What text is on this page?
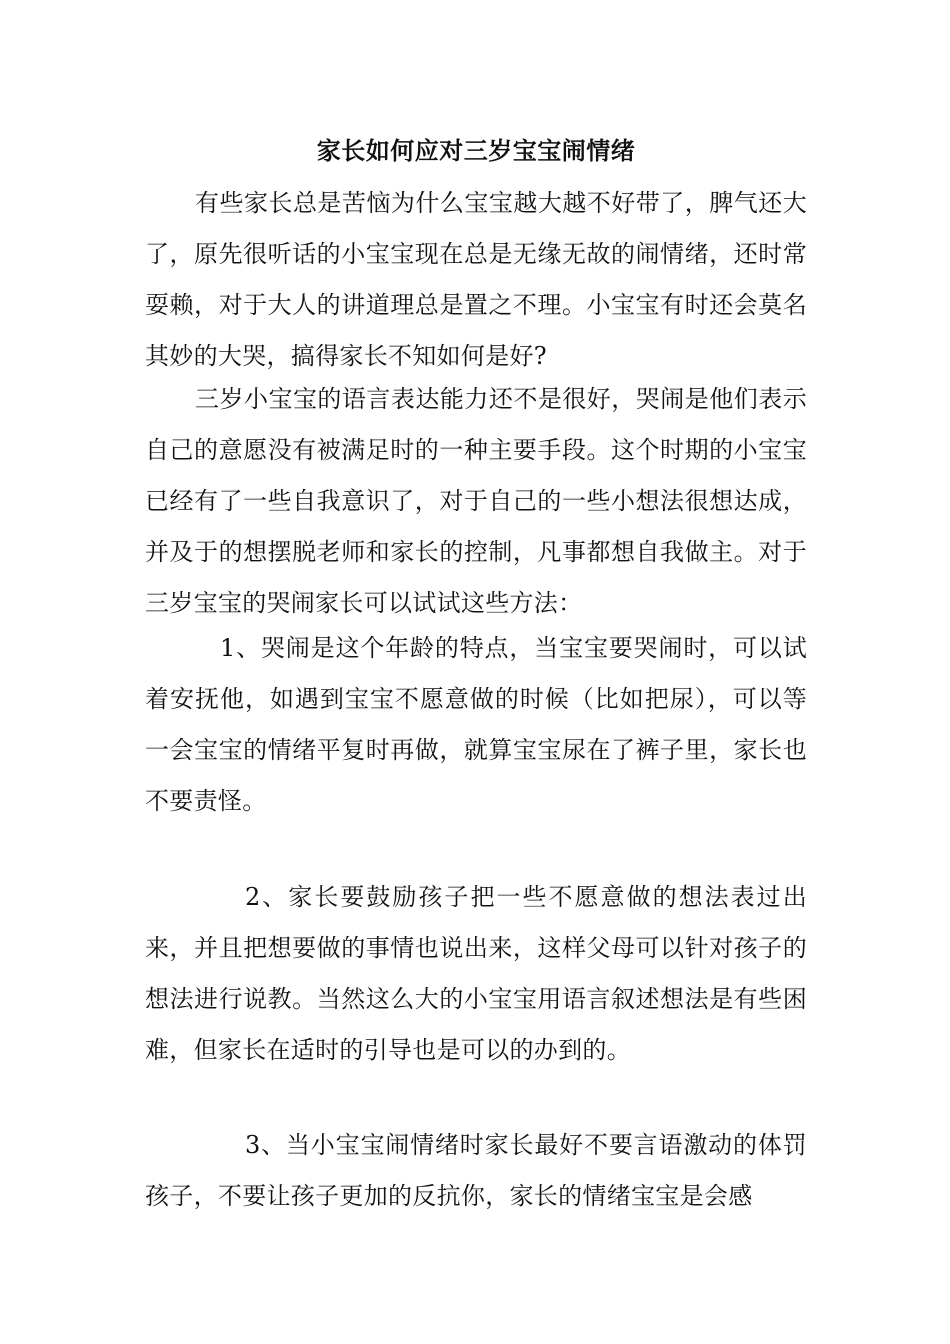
家长如何应对三岁宝宝闹情绪

有些家长总是苦恼为什么宝宝越大越不好带了，脾气还大了，原先很听话的小宝宝现在总是无缘无故的闹情绪，还时常耍赖，对于大人的讲道理总是置之不理。小宝宝有时还会莫名其妙的大哭，搞得家长不知如何是好?

三岁小宝宝的语言表达能力还不是很好，哭闹是他们表示自己的意愿没有被满足时的一种主要手段。这个时期的小宝宝已经有了一些自我意识了，对于自己的一些小想法很想达成，并及于的想摆脱老师和家长的控制，凡事都想自我做主。对于三岁宝宝的哭闹家长可以试试这些方法：

1、哭闹是这个年龄的特点，当宝宝要哭闹时，可以试着安抚他，如遇到宝宝不愿意做的时候（比如把尿），可以等一会宝宝的情绪平复时再做，就算宝宝尿在了裤子里，家长也不要责怪。

2、家长要鼓励孩子把一些不愿意做的想法表过出来，并且把想要做的事情也说出来，这样父母可以针对孩子的想法进行说教。当然这么大的小宝宝用语言叙述想法是有些困难，但家长在适时的引导也是可以的办到的。

3、当小宝宝闹情绪时家长最好不要言语激动的体罚孩子，不要让孩子更加的反抗你，家长的情绪宝宝是会感
